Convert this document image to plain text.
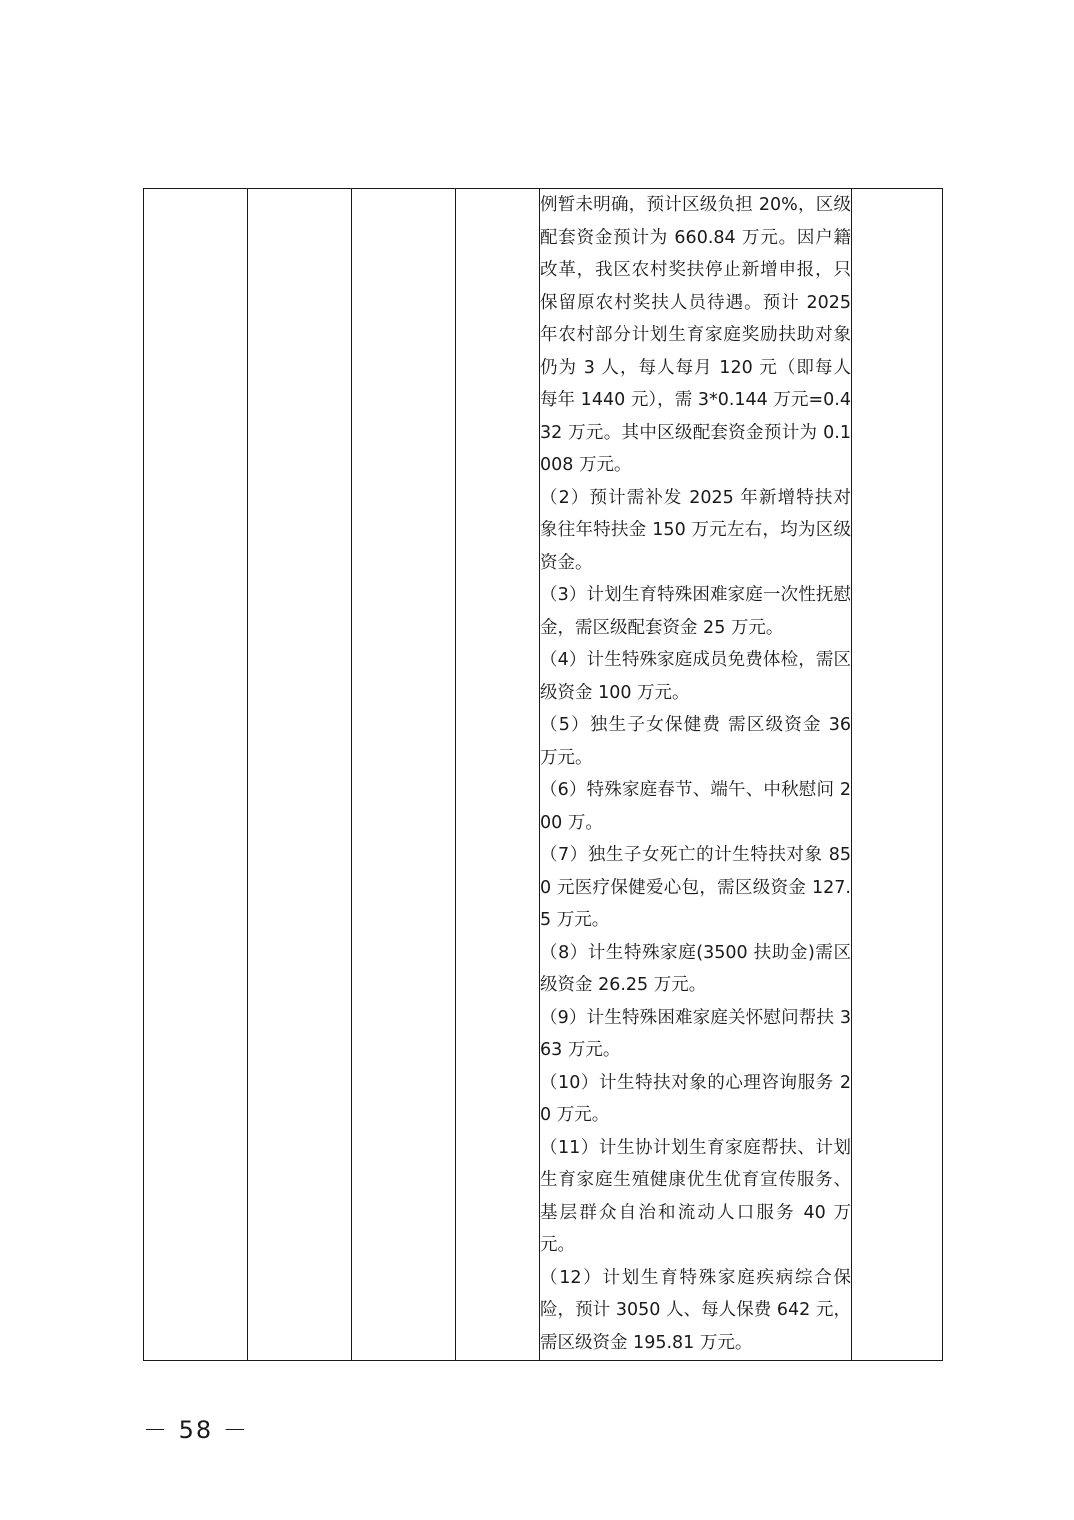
例暂未明确，预计区级负担 20%，区级配套资金预计为 660.84 万元。因户籍改革，我区农村奖扶停止新增申报，只保留原农村奖扶人员待遇。预计 2025 年农村部分计划生育家庭奖励扶助对象仍为 3 人，每人每月 120 元（即每人每年 1440 元），需 3*0.144 万元=0.432 万元。其中区级配套资金预计为 0.1008 万元。

（2）预计需补发 2025 年新增特扶对象往年特扶金 150 万元左右，均为区级资金。

（3）计划生育特殊困难家庭一次性抚慰金，需区级配套资金 25 万元。

（4）计生特殊家庭成员免费体检，需区级资金 100 万元。

（5）独生子女保健费 需区级资金 36 万元。

（6）特殊家庭春节、端午、中秋慰问 200 万。

（7）独生子女死亡的计生特扶对象 850 元医疗保健爱心包，需区级资金 127.5 万元。

（8）计生特殊家庭(3500 扶助金)需区级资金 26.25 万元。

（9）计生特殊困难家庭关怀慰问帮扶 363 万元。

（10）计生特扶对象的心理咨询服务 20 万元。

（11）计生协计划生育家庭帮扶、计划生育家庭生殖健康优生优育宣传服务、基层群众自治和流动人口服务 40 万元。

（12）计划生育特殊家庭疾病综合保险，预计 3050 人、每人保费 642 元，需区级资金 195.81 万元。

－ 58 －
